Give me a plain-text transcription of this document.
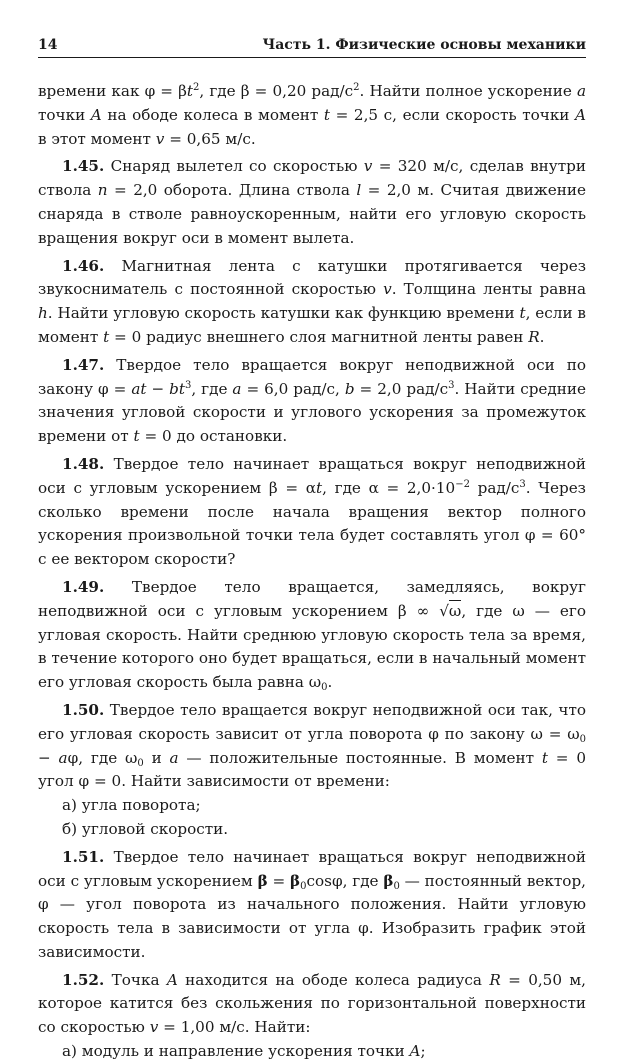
14	Часть 1. Физические основы механики

времени как $\varphi = \beta t^2$, где β = 0,20 рад/$с^2$. Найти полное ускорение a точки A на ободе колеса в момент t = 2,5 с, если скорость точки A в этот момент v = 0,65 м/с.

1.45. Снаряд вылетел со скоростью v = 320 м/с, сделав внутри ствола n = 2,0 оборота. Длина ствола l = 2,0 м. Считая движение снаряда в стволе равноускоренным, найти его угловую скорость вращения вокруг оси в момент вылета.

1.46. Магнитная лента с катушки протягивается через звукосниматель с постоянной скоростью v. Толщина ленты равна h. Найти угловую скорость катушки как функцию времени t, если в момент t = 0 радиус внешнего слоя магнитной ленты равен R.

1.47. Твердое тело вращается вокруг неподвижной оси по закону φ = at − $bt^3$, где a = 6,0 рад/с, b = 2,0 рад/$с^3$. Найти средние значения угловой скорости и углового ускорения за промежуток времени от t = 0 до остановки.

1.48. Твердое тело начинает вращаться вокруг неподвижной оси с угловым ускорением β = αt, где $\alpha = 2,0\cdot 10^{-2}$ рад/$с^3$. Через сколько времени после начала вращения вектор полного ускорения произвольной точки тела будет составлять угол φ = 60° с ее вектором скорости?

1.49. Твердое тело вращается, замедляясь, вокруг неподвижной оси с угловым ускорением β ∞ √ω, где ω — его угловая скорость. Найти среднюю угловую скорость тела за время, в течение которого оно будет вращаться, если в начальный момент его угловая скорость была равна $\omega_0$.

1.50. Твердое тело вращается вокруг неподвижной оси так, что его угловая скорость зависит от угла поворота φ по закону $\omega = \omega_0 - a\varphi$, где $\omega_0$ и a — положительные постоянные. В момент t = 0 угол φ = 0. Найти зависимости от времени:

а) угла поворота;

б) угловой скорости.

1.51. Твердое тело начинает вращаться вокруг неподвижной оси с угловым ускорением $\beta = \beta_0\cos\varphi$, где $\beta_0$ — постоянный вектор, φ — угол поворота из начального положения. Найти угловую скорость тела в зависимости от угла φ. Изобразить график этой зависимости.

1.52. Точка A находится на ободе колеса радиуса R = 0,50 м, которое катится без скольжения по горизонтальной поверхности со скоростью v = 1,00 м/с. Найти:

а) модуль и направление ускорения точки A;
